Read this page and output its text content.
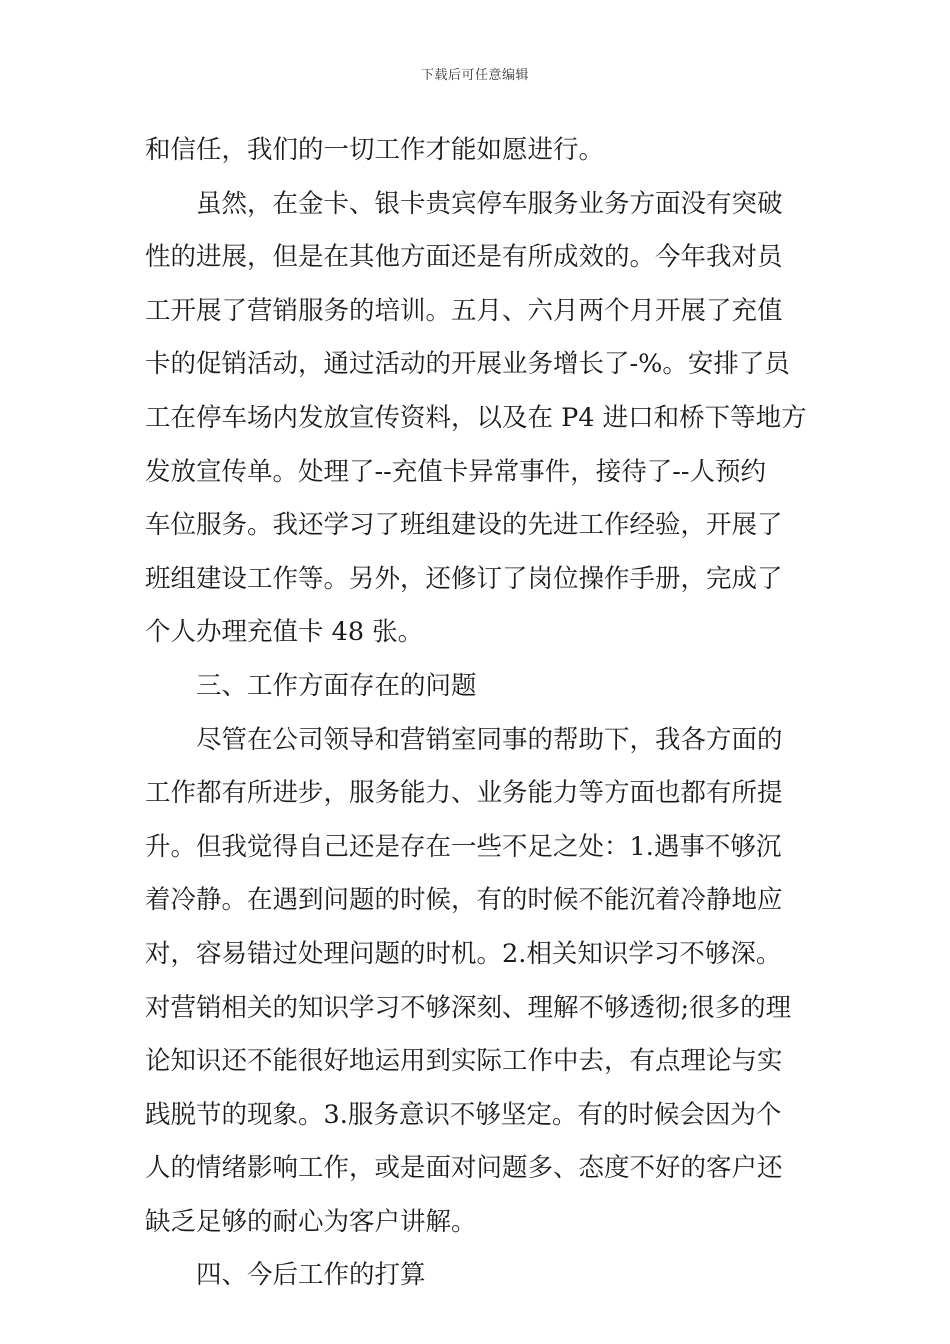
下载后可任意编辑
和信任，我们的一切工作才能如愿进行。
虽然，在金卡、银卡贵宾停车服务业务方面没有突破
性的进展，但是在其他方面还是有所成效的。今年我对员
工开展了营销服务的培训。五月、六月两个月开展了充值
卡的促销活动，通过活动的开展业务增长了-%。安排了员
工在停车场内发放宣传资料，以及在 P4 进口和桥下等地方
发放宣传单。处理了--充值卡异常事件，接待了--人预约
车位服务。我还学习了班组建设的先进工作经验，开展了
班组建设工作等。另外，还修订了岗位操作手册，完成了
个人办理充值卡 48 张。
三、工作方面存在的问题
尽管在公司领导和营销室同事的帮助下，我各方面的
工作都有所进步，服务能力、业务能力等方面也都有所提
升。但我觉得自己还是存在一些不足之处：1.遇事不够沉
着冷静。在遇到问题的时候，有的时候不能沉着冷静地应
对，容易错过处理问题的时机。2.相关知识学习不够深。
对营销相关的知识学习不够深刻、理解不够透彻;很多的理
论知识还不能很好地运用到实际工作中去，有点理论与实
践脱节的现象。3.服务意识不够坚定。有的时候会因为个
人的情绪影响工作，或是面对问题多、态度不好的客户还
缺乏足够的耐心为客户讲解。
四、今后工作的打算
